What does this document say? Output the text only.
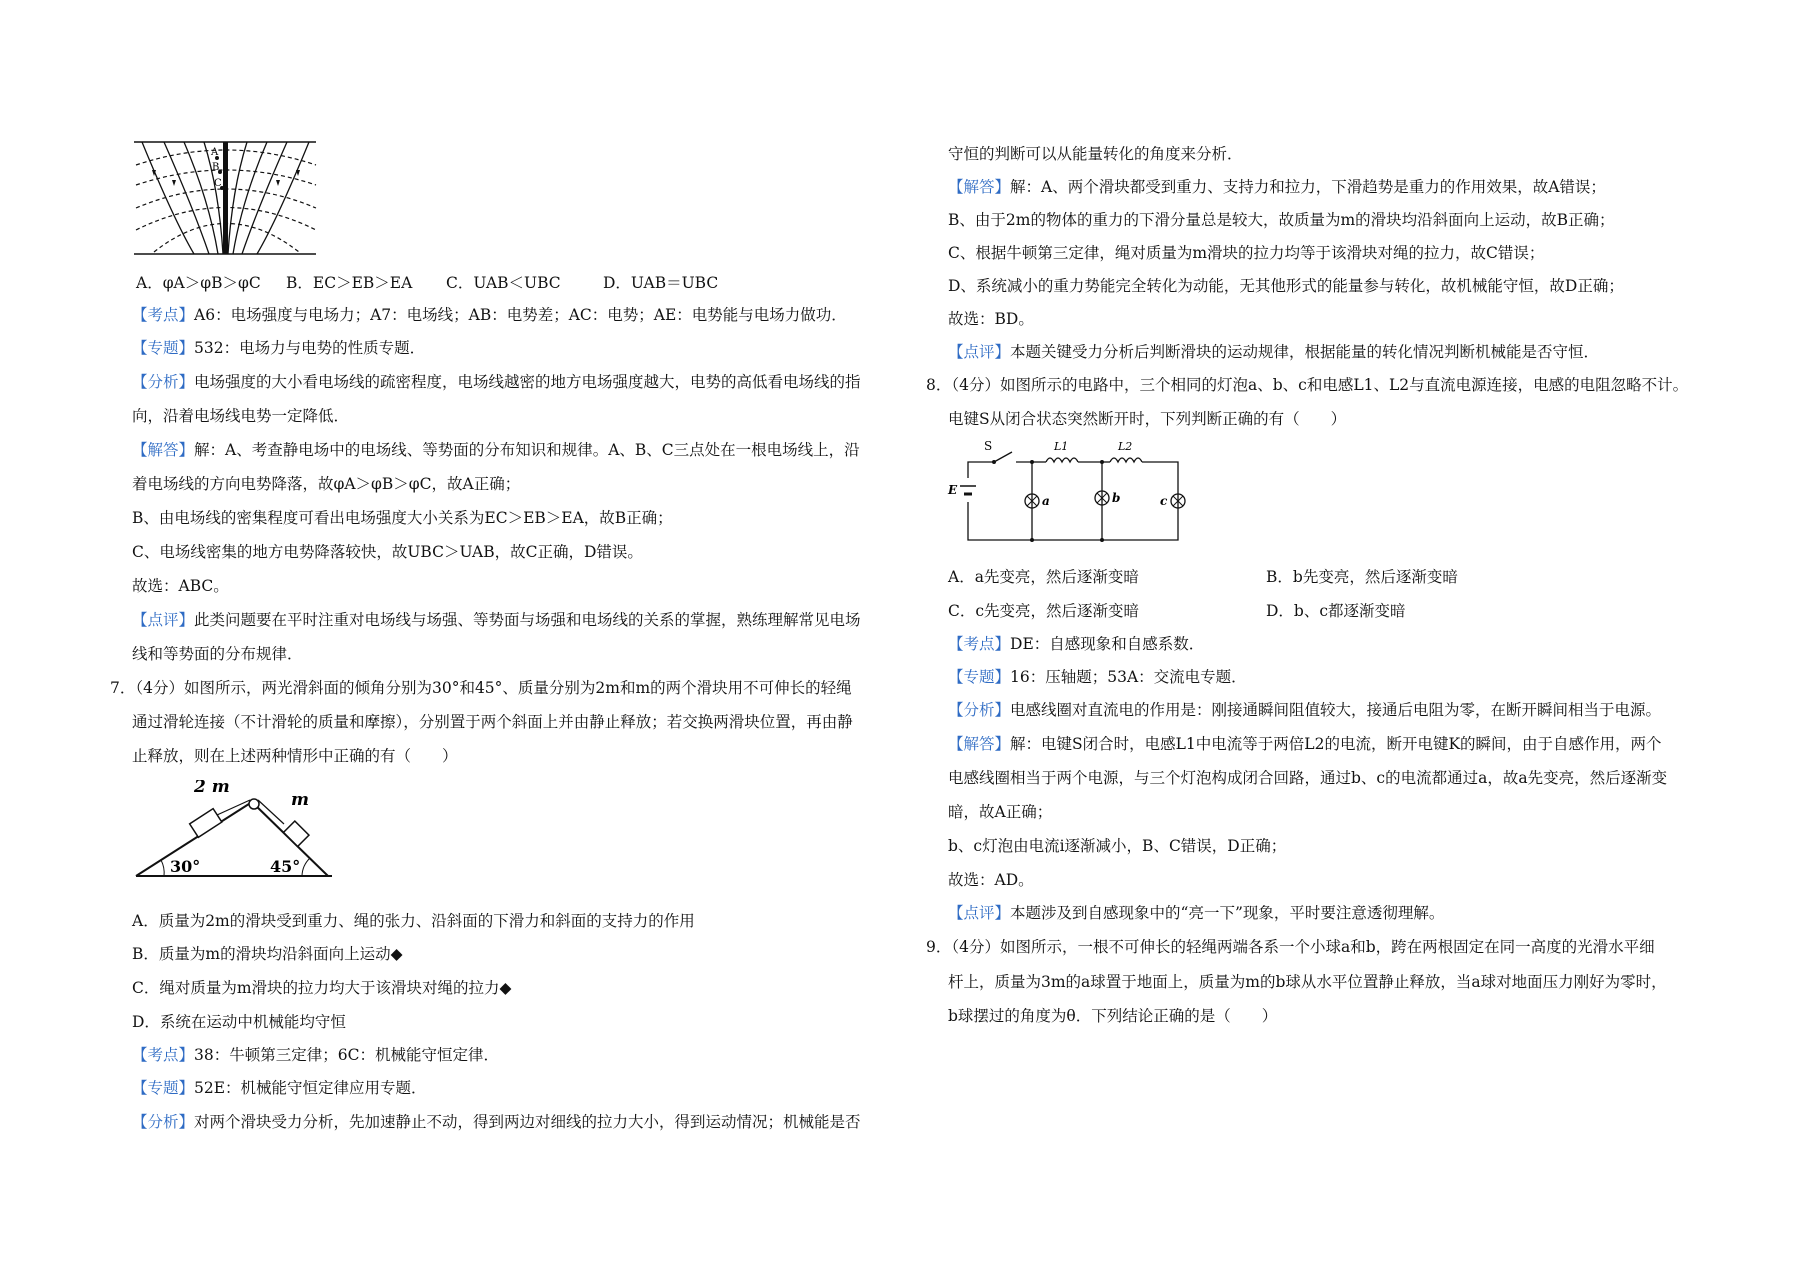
A
B
C
A．φA＞φB＞φC B．EC＞EB＞EA C．UAB＜UBC	D．UAB＝UBC
【考点】A6：电场强度与电场力；A7：电场线；AB：电势差；AC：电势；AE：电势能与电场力做功．
【专题】532：电场力与电势的性质专题．
【分析】电场强度的大小看电场线的疏密程度，电场线越密的地方电场强度越大，电势的高低看电场线的指
向，沿着电场线电势一定降低．
【解答】解：A、考查静电场中的电场线、等势面的分布知识和规律。A、B、C三点处在一根电场线上，沿
着电场线的方向电势降落，故φA＞φB＞φC，故A正确；
B、由电场线的密集程度可看出电场强度大小关系为EC＞EB＞EA，故B正确；
C、电场线密集的地方电势降落较快，故UBC＞UAB，故C正确，D错误。
故选：ABC。
【点评】此类问题要在平时注重对电场线与场强、等势面与场强和电场线的关系的掌握，熟练理解常见电场
线和等势面的分布规律．
7．（4分）如图所示，两光滑斜面的倾角分别为30°和45°、质量分别为2m和m的两个滑块用不可伸长的轻绳
通过滑轮连接（不计滑轮的质量和摩擦），分别置于两个斜面上并由静止释放；若交换两滑块位置，再由静
止释放，则在上述两种情形中正确的有（　　）
2 m
m
30°	45°
A．质量为2m的滑块受到重力、绳的张力、沿斜面的下滑力和斜面的支持力的作用
B．质量为m的滑块均沿斜面向上运动◆
C．绳对质量为m滑块的拉力均大于该滑块对绳的拉力◆
D．系统在运动中机械能均守恒
【考点】38：牛顿第三定律；6C：机械能守恒定律．
【专题】52E：机械能守恒定律应用专题．
【分析】对两个滑块受力分析，先加速静止不动，得到两边对细线的拉力大小，得到运动情况；机械能是否
守恒的判断可以从能量转化的角度来分析．
【解答】解：A、两个滑块都受到重力、支持力和拉力，下滑趋势是重力的作用效果，故A错误；
B、由于2m的物体的重力的下滑分量总是较大，故质量为m的滑块均沿斜面向上运动，故B正确；
C、根据牛顿第三定律，绳对质量为m滑块的拉力均等于该滑块对绳的拉力，故C错误；
D、系统减小的重力势能完全转化为动能，无其他形式的能量参与转化，故机械能守恒，故D正确；
故选：BD。
【点评】本题关键受力分析后判断滑块的运动规律，根据能量的转化情况判断机械能是否守恒．
8．（4分）如图所示的电路中，三个相同的灯泡a、b、c和电感L1、L2与直流电源连接，电感的电阻忽略不计。
电键S从闭合状态突然断开时，下列判断正确的有（　　）
S	L1	L2
E
a	b	c
A．a先变亮，然后逐渐变暗	B．b先变亮，然后逐渐变暗
C．c先变亮，然后逐渐变暗	D．b、c都逐渐变暗
【考点】DE：自感现象和自感系数．
【专题】16：压轴题；53A：交流电专题．
【分析】电感线圈对直流电的作用是：刚接通瞬间阻值较大，接通后电阻为零，在断开瞬间相当于电源。
【解答】解：电键S闭合时，电感L1中电流等于两倍L2的电流，断开电键K的瞬间，由于自感作用，两个
电感线圈相当于两个电源，与三个灯泡构成闭合回路，通过b、c的电流都通过a，故a先变亮，然后逐渐变
暗，故A正确；
b、c灯泡由电流i逐渐减小，B、C错误，D正确；
故选：AD。
【点评】本题涉及到自感现象中的“亮一下”现象，平时要注意透彻理解。
9．（4分）如图所示，一根不可伸长的轻绳两端各系一个小球a和b，跨在两根固定在同一高度的光滑水平细
杆上，质量为3m的a球置于地面上，质量为m的b球从水平位置静止释放，当a球对地面压力刚好为零时，
b球摆过的角度为θ．下列结论正确的是（　　）
